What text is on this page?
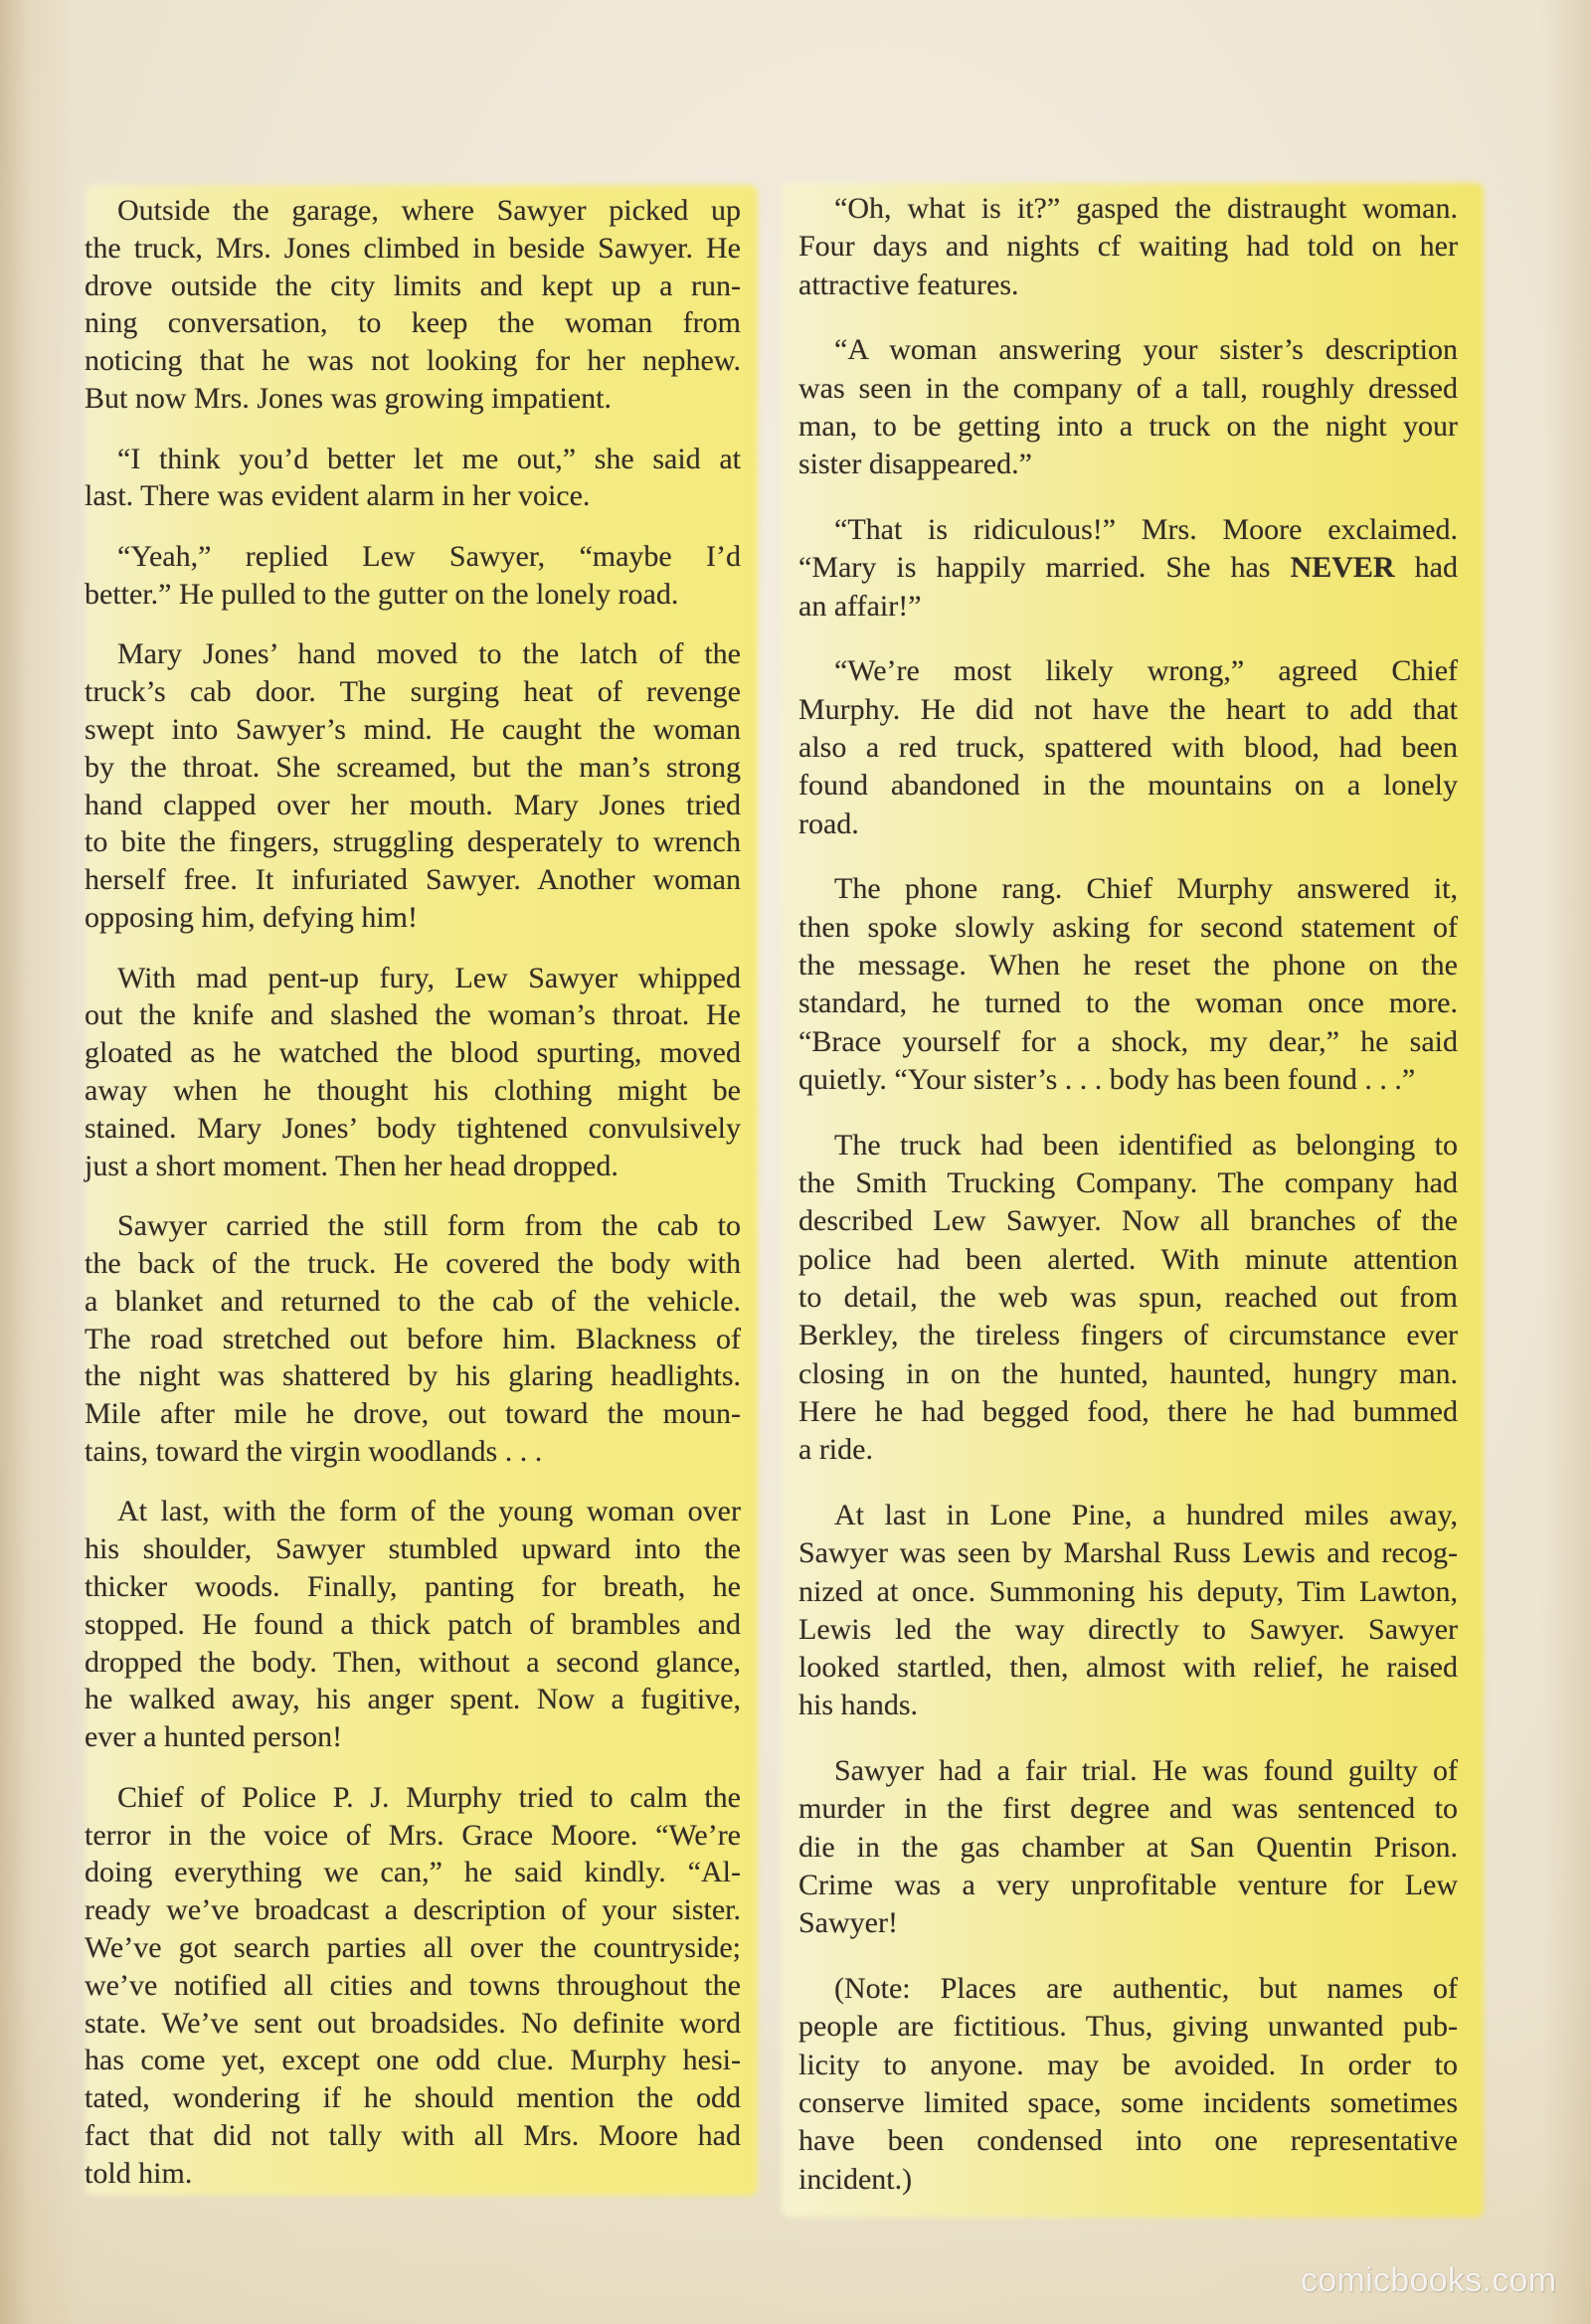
Outside the garage, where Sawyer picked up
the truck, Mrs. Jones climbed in beside Sawyer. He
drove outside the city limits and kept up a run-
ning conversation, to keep the woman from
noticing that he was not looking for her nephew.
But now Mrs. Jones was growing impatient.
“I think you’d better let me out,” she said at
last. There was evident alarm in her voice.
“Yeah,” replied Lew Sawyer, “maybe I’d
better.” He pulled to the gutter on the lonely road.
Mary Jones’ hand moved to the latch of the
truck’s cab door. The surging heat of revenge
swept into Sawyer’s mind. He caught the woman
by the throat. She screamed, but the man’s strong
hand clapped over her mouth. Mary Jones tried
to bite the fingers, struggling desperately to wrench
herself free. It infuriated Sawyer. Another woman
opposing him, defying him!
With mad pent-up fury, Lew Sawyer whipped
out the knife and slashed the woman’s throat. He
gloated as he watched the blood spurting, moved
away when he thought his clothing might be
stained. Mary Jones’ body tightened convulsively
just a short moment. Then her head dropped.
Sawyer carried the still form from the cab to
the back of the truck. He covered the body with
a blanket and returned to the cab of the vehicle.
The road stretched out before him. Blackness of
the night was shattered by his glaring headlights.
Mile after mile he drove, out toward the moun-
tains, toward the virgin woodlands . . .
At last, with the form of the young woman over
his shoulder, Sawyer stumbled upward into the
thicker woods. Finally, panting for breath, he
stopped. He found a thick patch of brambles and
dropped the body. Then, without a second glance,
he walked away, his anger spent. Now a fugitive,
ever a hunted person!
Chief of Police P. J. Murphy tried to calm the
terror in the voice of Mrs. Grace Moore. “We’re
doing everything we can,” he said kindly. “Al-
ready we’ve broadcast a description of your sister.
We’ve got search parties all over the countryside;
we’ve notified all cities and towns throughout the
state. We’ve sent out broadsides. No definite word
has come yet, except one odd clue. Murphy hesi-
tated, wondering if he should mention the odd
fact that did not tally with all Mrs. Moore had
told him.
“Oh, what is it?” gasped the distraught woman.
Four days and nights cf waiting had told on her
attractive features.
“A woman answering your sister’s description
was seen in the company of a tall, roughly dressed
man, to be getting into a truck on the night your
sister disappeared.”
“That is ridiculous!” Mrs. Moore exclaimed.
“Mary is happily married. She has NEVER had
an affair!”
“We’re most likely wrong,” agreed Chief
Murphy. He did not have the heart to add that
also a red truck, spattered with blood, had been
found abandoned in the mountains on a lonely
road.
The phone rang. Chief Murphy answered it,
then spoke slowly asking for second statement of
the message. When he reset the phone on the
standard, he turned to the woman once more.
“Brace yourself for a shock, my dear,” he said
quietly. “Your sister’s . . . body has been found . . .”
The truck had been identified as belonging to
the Smith Trucking Company. The company had
described Lew Sawyer. Now all branches of the
police had been alerted. With minute attention
to detail, the web was spun, reached out from
Berkley, the tireless fingers of circumstance ever
closing in on the hunted, haunted, hungry man.
Here he had begged food, there he had bummed
a ride.
At last in Lone Pine, a hundred miles away,
Sawyer was seen by Marshal Russ Lewis and recog-
nized at once. Summoning his deputy, Tim Lawton,
Lewis led the way directly to Sawyer. Sawyer
looked startled, then, almost with relief, he raised
his hands.
Sawyer had a fair trial. He was found guilty of
murder in the first degree and was sentenced to
die in the gas chamber at San Quentin Prison.
Crime was a very unprofitable venture for Lew
Sawyer!
(Note: Places are authentic, but names of
people are fictitious. Thus, giving unwanted pub-
licity to anyone. may be avoided. In order to
conserve limited space, some incidents sometimes
have been condensed into one representative
incident.)
comicbooks.com
